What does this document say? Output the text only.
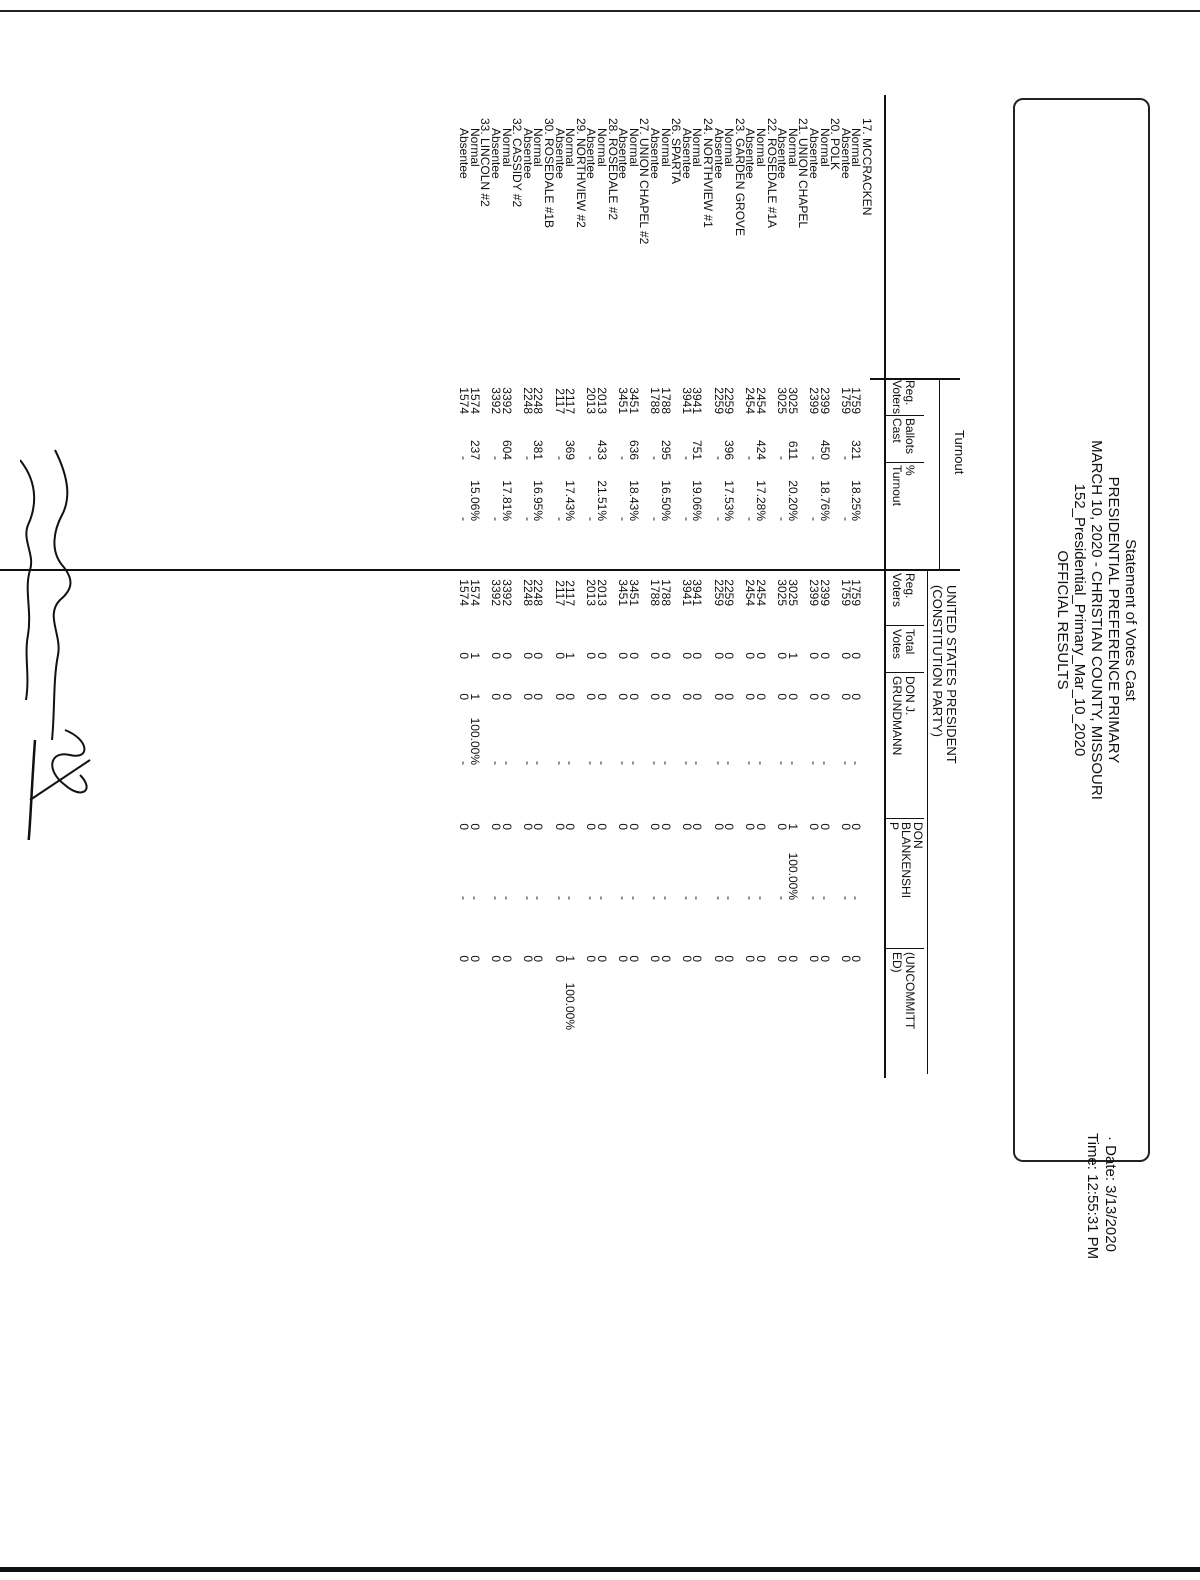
Statement of Votes Cast
PRESIDENTIAL PREFERENCE PRIMARY
MARCH 10, 2020 - CHRISTIAN COUNTY, MISSOURI
152_Presidential_Primary_Mar_10_2020
OFFICIAL RESULTS
· Date: 3/13/2020
Time: 12:55:31 PM
Turnout
UNITED STATES PRESIDENT
(CONSTITUTION PARTY)
Reg.
Voters
Ballots
Cast
%
Turnout
Reg.
Voters
Total
Votes
DON J.
GRUNDMANN
DON
BLANKENSHI
P
(UNCOMMITT
ED)
17. MCCRACKEN
Normal
1759
321
18.25%
1759
0
0
-
0
-
0
Absentee
1759
-
-
1759
0
0
-
0
-
0
20. POLK
Normal
2399
450
18.76%
2399
0
0
-
0
-
0
Absentee
2399
-
-
2399
0
0
-
0
-
0
21. UNION CHAPEL
Normal
3025
611
20.20%
3025
1
0
-
1
100.00%
0
Absentee
3025
-
-
3025
0
0
-
0
-
0
22. ROSEDALE #1A
Normal
2454
424
17.28%
2454
0
0
-
0
-
0
Absentee
2454
-
-
2454
0
0
-
0
-
0
23. GARDEN GROVE
Normal
2259
396
17.53%
2259
0
0
-
0
-
0
Absentee
2259
-
-
2259
0
0
-
0
-
0
24. NORTHVIEW #1
Normal
3941
751
19.06%
3941
0
0
-
0
-
0
Absentee
3941
-
-
3941
0
0
-
0
-
0
26. SPARTA
Normal
1788
295
16.50%
1788
0
0
-
0
-
0
Absentee
1788
-
-
1788
0
0
-
0
-
0
27. UNION CHAPEL #2
Normal
3451
636
18.43%
3451
0
0
-
0
-
0
Absentee
3451
-
-
3451
0
0
-
0
-
0
28. ROSEDALE #2
Normal
2013
433
21.51%
2013
0
0
-
0
-
0
Absentee
2013
-
-
2013
0
0
-
0
-
0
29. NORTHVIEW #2
Normal
2117
369
17.43%
2117
1
0
-
0
-
1
100.00%
Absentee
2117
-
-
2117
0
0
-
0
-
0
30. ROSEDALE #1B
Normal
2248
381
16.95%
2248
0
0
-
0
-
0
Absentee
2248
-
-
2248
0
0
-
0
-
0
32. CASSIDY #2
Normal
3392
604
17.81%
3392
0
0
-
0
-
0
Absentee
3392
-
-
3392
0
0
-
0
-
0
33. LINCOLN #2
Normal
1574
237
15.06%
1574
1
1
100.00%
0
-
0
Absentee
1574
-
-
1574
0
0
-
0
-
0
